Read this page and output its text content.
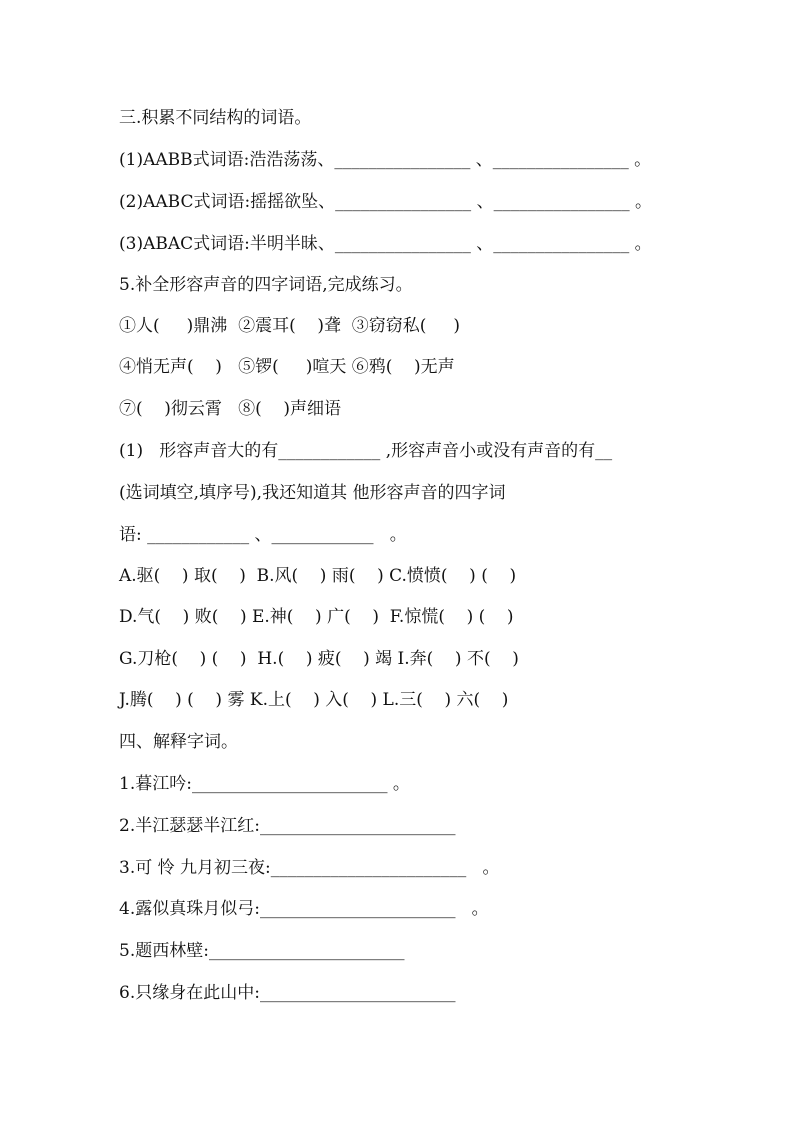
三.积累不同结构的词语。
(1)AABB式词语:浩浩荡荡、________________ 、________________ 。
(2)AABC式词语:摇摇欲坠、________________ 、________________ 。
(3)ABAC式词语:半明半昧、________________ 、________________ 。
5.补全形容声音的四字词语,完成练习。
①人(     )鼎沸  ②震耳(    )聋  ③窃窃私(     )
④悄无声(    )   ⑤锣(     )喧天 ⑥鸦(    )无声
⑦(    )彻云霄   ⑧(    )声细语
(1)   形容声音大的有____________ ,形容声音小或没有声音的有__
(选词填空,填序号),我还知道其 他形容声音的四字词
语: ____________ 、____________   。
A.驱(    ) 取(    )  B.风(    ) 雨(    ) C.愤愤(    ) (    )
D.气(    ) 败(    ) E.神(    ) 广(    )  F.惊慌(    ) (    )
G.刀枪(    ) (    )  H.(    ) 疲(    ) 竭 I.奔(    ) 不(    )
J.腾(    ) (    ) 雾 K.上(    ) 入(    ) L.三(    ) 六(    )
四、解释字词。
1.暮江吟:_______________________ 。
2.半江瑟瑟半江红:_______________________
3.可 怜 九月初三夜:_______________________   。
4.露似真珠月似弓:_______________________   。
5.题西林壁:_______________________
6.只缘身在此山中:_______________________
